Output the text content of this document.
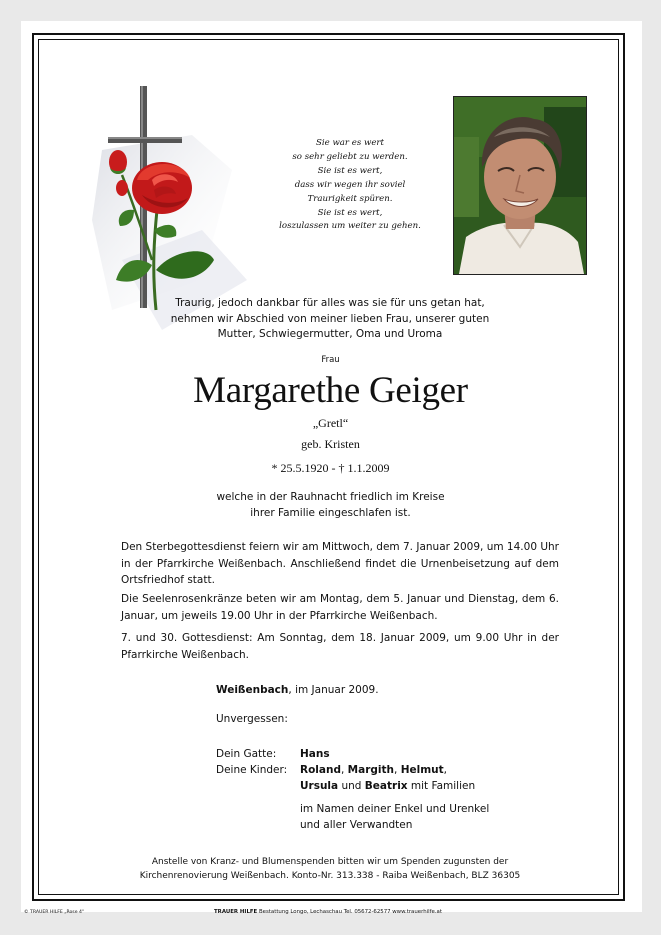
Sie war es wert
so sehr geliebt zu werden.
Sie ist es wert,
dass wir wegen ihr soviel
Traurigkeit spüren.
Sie ist es wert,
loszulassen um weiter zu gehen.
Traurig, jedoch dankbar für alles was sie für uns getan hat,
nehmen wir Abschied von meiner lieben Frau, unserer guten
Mutter, Schwiegermutter, Oma und Uroma
Frau
Margarethe Geiger
„Gretl“
geb. Kristen
* 25.5.1920 - † 1.1.2009
welche in der Rauhnacht friedlich im Kreise
ihrer Familie eingeschlafen ist.
Den Sterbegottesdienst feiern wir am Mittwoch, dem 7. Januar 2009, um 14.00 Uhr in der Pfarrkirche Weißenbach. Anschließend findet die Urnenbeisetzung auf dem Ortsfriedhof statt.
Die Seelenrosenkränze beten wir am Montag, dem 5. Januar und Dienstag, dem 6. Januar, um jeweils 19.00 Uhr in der Pfarrkirche Weißenbach.
7. und 30. Gottesdienst: Am Sonntag, dem 18. Januar 2009, um 9.00 Uhr in der Pfarrkirche Weißenbach.
Weißenbach, im Januar 2009.
Unvergessen:
Dein Gatte: Hans
Deine Kinder: Roland, Margith, Helmut,
Ursula und Beatrix mit Familien
im Namen deiner Enkel und Urenkel
und aller Verwandten
Anstelle von Kranz- und Blumenspenden bitten wir um Spenden zugunsten der
Kirchenrenovierung Weißenbach. Konto-Nr. 313.338 - Raiba Weißenbach, BLZ 36305
© TRAUER HILFE „Rose 4“	TRAUER HILFE Bestattung Longo, Lechaschau Tel. 05672-62577 www.trauerhilfe.at
